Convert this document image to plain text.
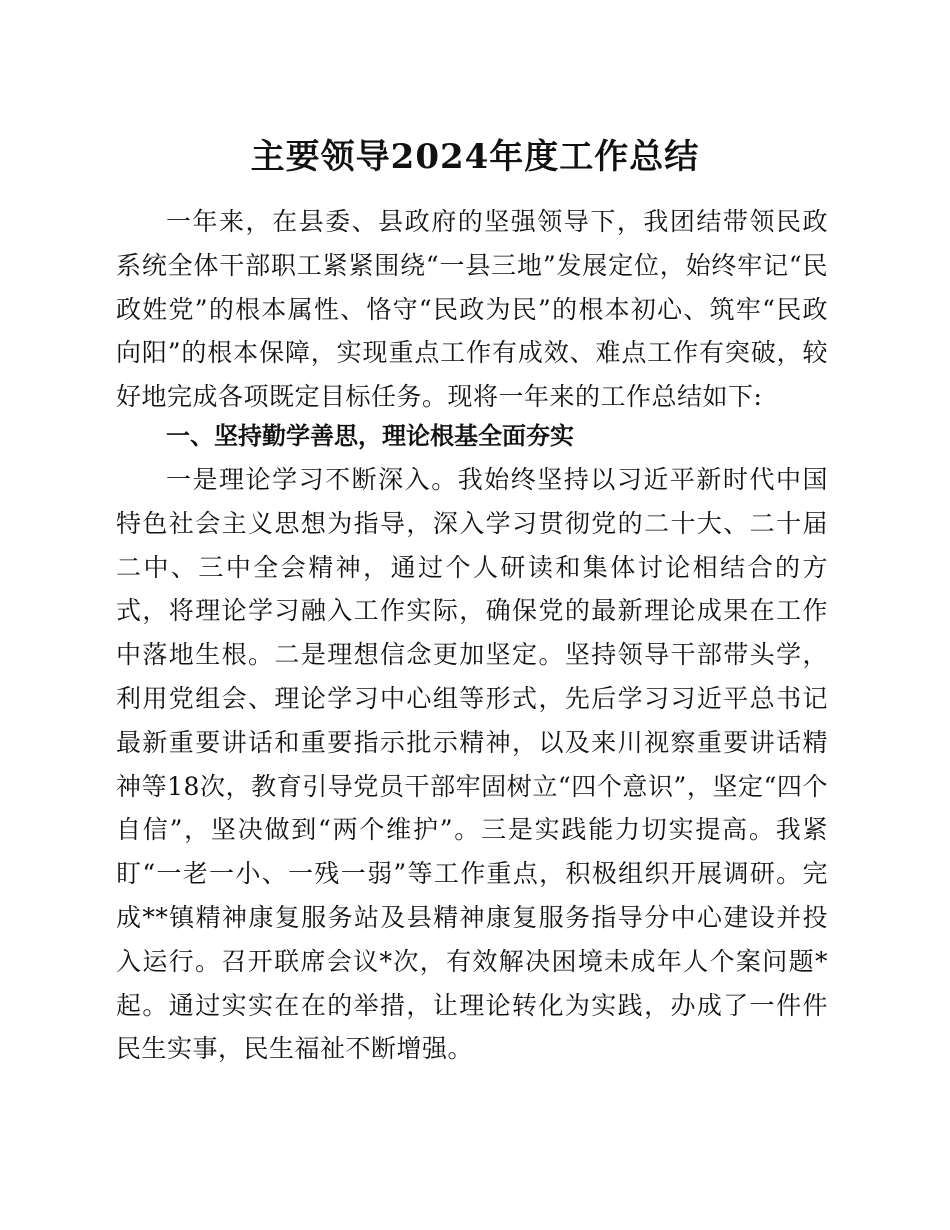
主要领导2024年度工作总结

一年来，在县委、县政府的坚强领导下，我团结带领民政系统全体干部职工紧紧围绕“一县三地”发展定位，始终牢记“民政姓党”的根本属性、恪守“民政为民”的根本初心、筑牢“民政向阳”的根本保障，实现重点工作有成效、难点工作有突破，较好地完成各项既定目标任务。现将一年来的工作总结如下:

一、坚持勤学善思，理论根基全面夯实

一是理论学习不断深入。我始终坚持以习近平新时代中国特色社会主义思想为指导，深入学习贯彻党的二十大、二十届二中、三中全会精神，通过个人研读和集体讨论相结合的方式，将理论学习融入工作实际，确保党的最新理论成果在工作中落地生根。二是理想信念更加坚定。坚持领导干部带头学，利用党组会、理论学习中心组等形式，先后学习习近平总书记最新重要讲话和重要指示批示精神，以及来川视察重要讲话精神等18次，教育引导党员干部牢固树立“四个意识”，坚定“四个自信”，坚决做到“两个维护”。三是实践能力切实提高。我紧盯“一老一小、一残一弱”等工作重点，积极组织开展调研。完成**镇精神康复服务站及县精神康复服务指导分中心建设并投入运行。召开联席会议*次，有效解决困境未成年人个案问题*起。通过实实在在的举措，让理论转化为实践，办成了一件件民生实事，民生福祉不断增强。
